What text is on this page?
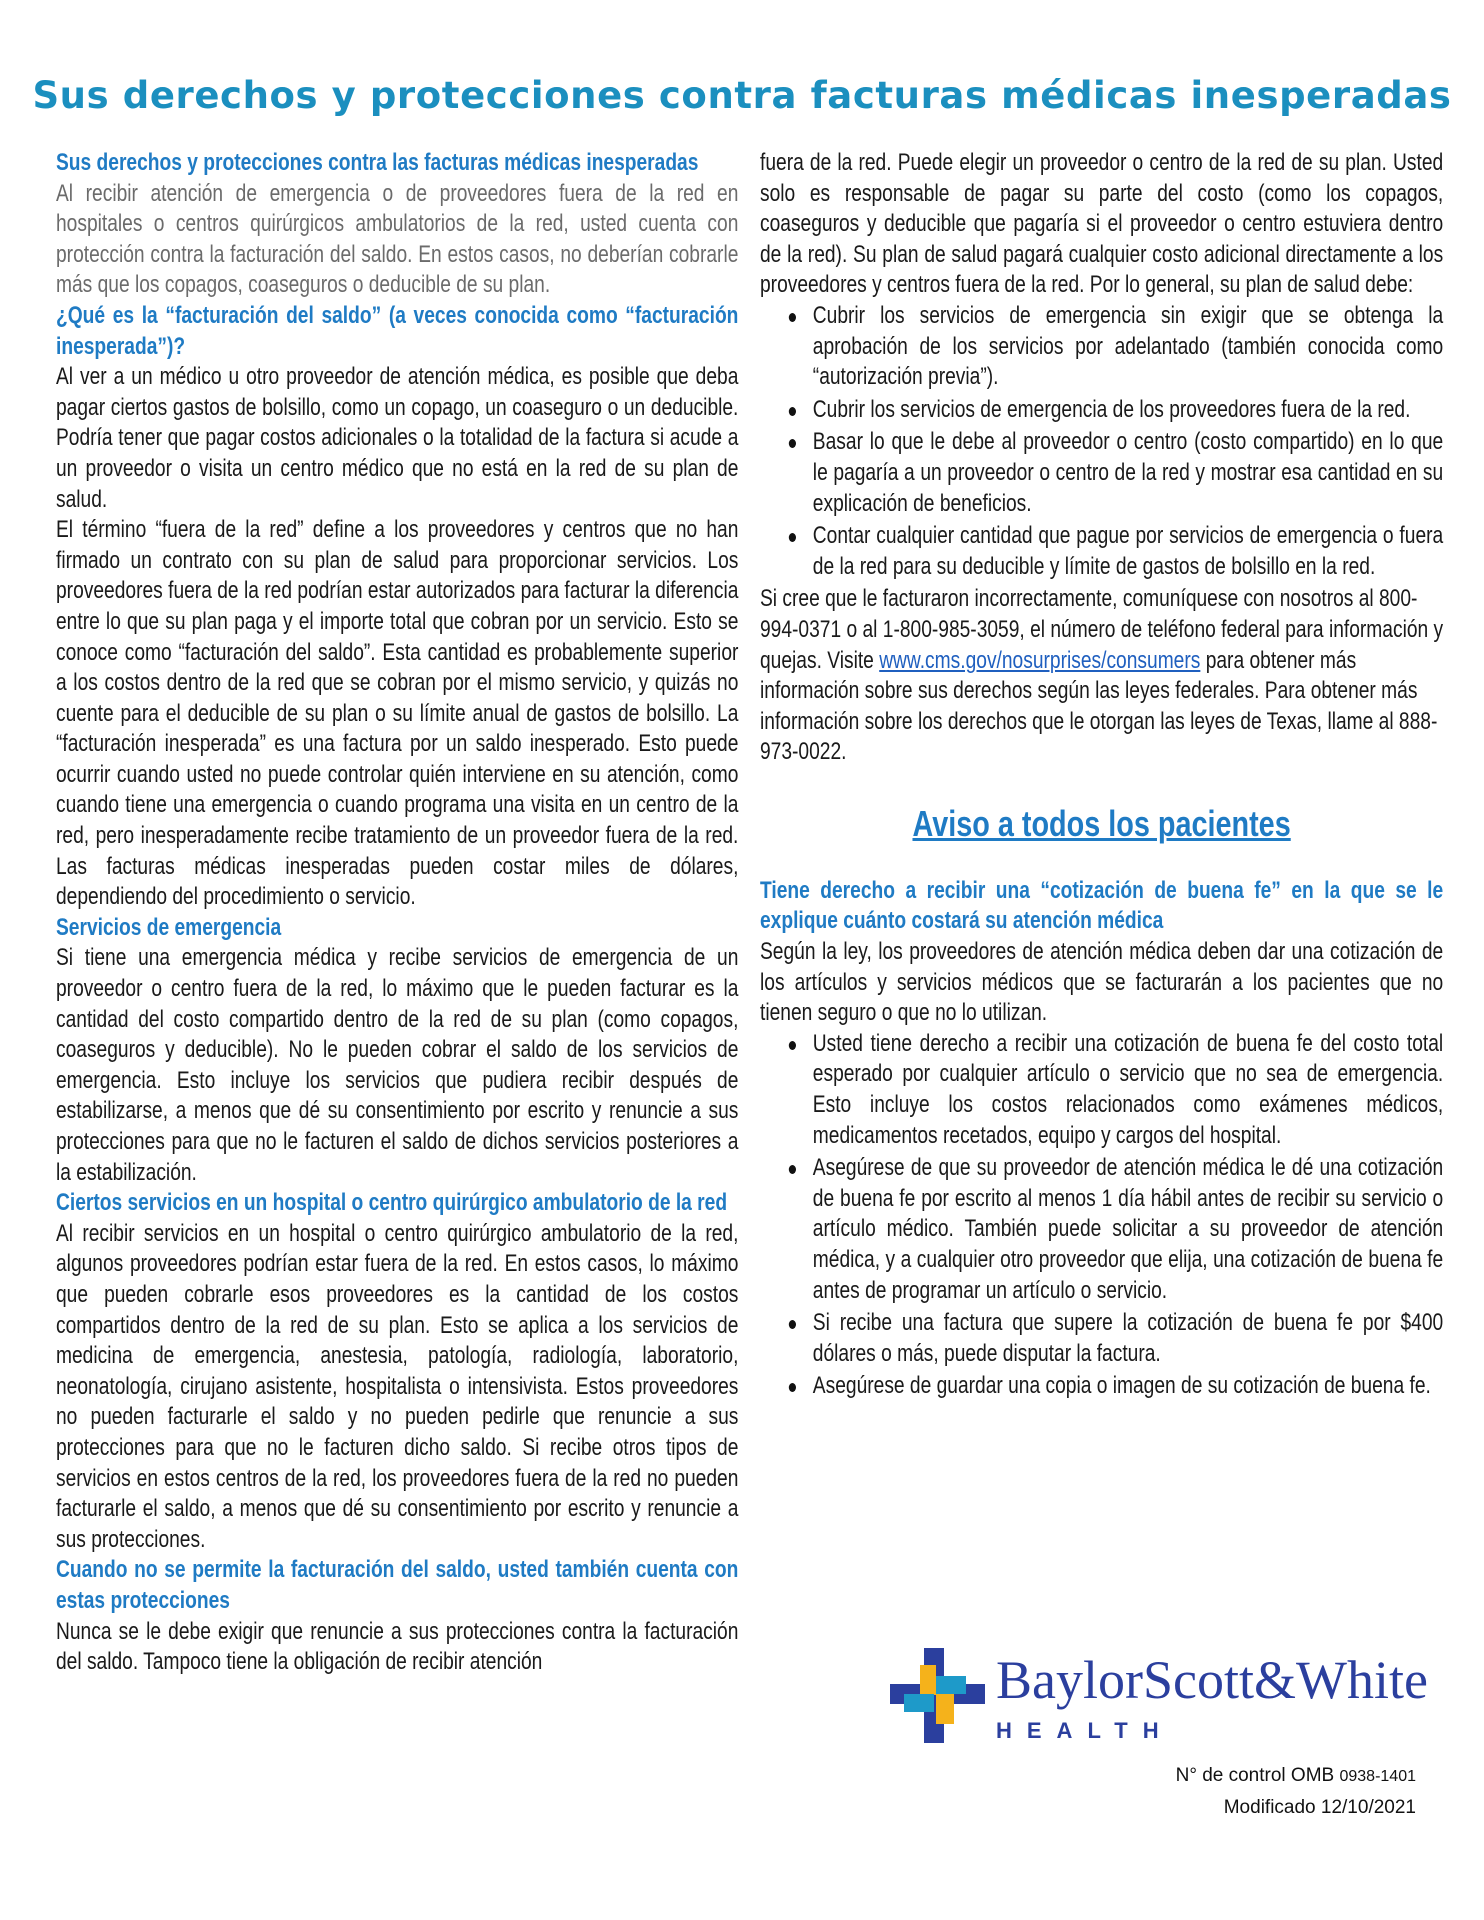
Sus derechos y protecciones contra facturas médicas inesperadas
Sus derechos y protecciones contra las facturas médicas inesperadas
Al recibir atención de emergencia o de proveedores fuera de la red en hospitales o centros quirúrgicos ambulatorios de la red, usted cuenta con protección contra la facturación del saldo. En estos casos, no deberían cobrarle más que los copagos, coaseguros o deducible de su plan.
¿Qué es la “facturación del saldo” (a veces conocida como “facturación inesperada”)?
Al ver a un médico u otro proveedor de atención médica, es posible que deba pagar ciertos gastos de bolsillo, como un copago, un coaseguro o un deducible. Podría tener que pagar costos adicionales o la totalidad de la factura si acude a un proveedor o visita un centro médico que no está en la red de su plan de salud.
El término “fuera de la red” define a los proveedores y centros que no han firmado un contrato con su plan de salud para proporcionar servicios. Los proveedores fuera de la red podrían estar autorizados para facturar la diferencia entre lo que su plan paga y el importe total que cobran por un servicio. Esto se conoce como “facturación del saldo”. Esta cantidad es probablemente superior a los costos dentro de la red que se cobran por el mismo servicio, y quizás no cuente para el deducible de su plan o su límite anual de gastos de bolsillo. La “facturación inesperada” es una factura por un saldo inesperado. Esto puede ocurrir cuando usted no puede controlar quién interviene en su atención, como cuando tiene una emergencia o cuando programa una visita en un centro de la red, pero inesperadamente recibe tratamiento de un proveedor fuera de la red. Las facturas médicas inesperadas pueden costar miles de dólares, dependiendo del procedimiento o servicio.
Servicios de emergencia
Si tiene una emergencia médica y recibe servicios de emergencia de un proveedor o centro fuera de la red, lo máximo que le pueden facturar es la cantidad del costo compartido dentro de la red de su plan (como copagos, coaseguros y deducible). No le pueden cobrar el saldo de los servicios de emergencia. Esto incluye los servicios que pudiera recibir después de estabilizarse, a menos que dé su consentimiento por escrito y renuncie a sus protecciones para que no le facturen el saldo de dichos servicios posteriores a la estabilización.
Ciertos servicios en un hospital o centro quirúrgico ambulatorio de la red
Al recibir servicios en un hospital o centro quirúrgico ambulatorio de la red, algunos proveedores podrían estar fuera de la red. En estos casos, lo máximo que pueden cobrarle esos proveedores es la cantidad de los costos compartidos dentro de la red de su plan. Esto se aplica a los servicios de medicina de emergencia, anestesia, patología, radiología, laboratorio, neonatología, cirujano asistente, hospitalista o intensivista. Estos proveedores no pueden facturarle el saldo y no pueden pedirle que renuncie a sus protecciones para que no le facturen dicho saldo. Si recibe otros tipos de servicios en estos centros de la red, los proveedores fuera de la red no pueden facturarle el saldo, a menos que dé su consentimiento por escrito y renuncie a sus protecciones.
Cuando no se permite la facturación del saldo, usted también cuenta con estas protecciones
Nunca se le debe exigir que renuncie a sus protecciones contra la facturación del saldo. Tampoco tiene la obligación de recibir atención
fuera de la red. Puede elegir un proveedor o centro de la red de su plan. Usted solo es responsable de pagar su parte del costo (como los copagos, coaseguros y deducible que pagaría si el proveedor o centro estuviera dentro de la red). Su plan de salud pagará cualquier costo adicional directamente a los proveedores y centros fuera de la red. Por lo general, su plan de salud debe:
Cubrir los servicios de emergencia sin exigir que se obtenga la aprobación de los servicios por adelantado (también conocida como “autorización previa”).
Cubrir los servicios de emergencia de los proveedores fuera de la red.
Basar lo que le debe al proveedor o centro (costo compartido) en lo que le pagaría a un proveedor o centro de la red y mostrar esa cantidad en su explicación de beneficios.
Contar cualquier cantidad que pague por servicios de emergencia o fuera de la red para su deducible y límite de gastos de bolsillo en la red.
Si cree que le facturaron incorrectamente, comuníquese con nosotros al 800-994-0371 o al 1-800-985-3059, el número de teléfono federal para información y quejas. Visite www.cms.gov/nosurprises/consumers para obtener más información sobre sus derechos según las leyes federales. Para obtener más información sobre los derechos que le otorgan las leyes de Texas, llame al 888-973-0022.
Aviso a todos los pacientes
Tiene derecho a recibir una “cotización de buena fe” en la que se le explique cuánto costará su atención médica
Según la ley, los proveedores de atención médica deben dar una cotización de los artículos y servicios médicos que se facturarán a los pacientes que no tienen seguro o que no lo utilizan.
Usted tiene derecho a recibir una cotización de buena fe del costo total esperado por cualquier artículo o servicio que no sea de emergencia. Esto incluye los costos relacionados como exámenes médicos, medicamentos recetados, equipo y cargos del hospital.
Asegúrese de que su proveedor de atención médica le dé una cotización de buena fe por escrito al menos 1 día hábil antes de recibir su servicio o artículo médico. También puede solicitar a su proveedor de atención médica, y a cualquier otro proveedor que elija, una cotización de buena fe antes de programar un artículo o servicio.
Si recibe una factura que supere la cotización de buena fe por $400 dólares o más, puede disputar la factura.
Asegúrese de guardar una copia o imagen de su cotización de buena fe.
BaylorScott&White
HEALTH
N° de control OMB 0938-1401
Modificado 12/10/2021
